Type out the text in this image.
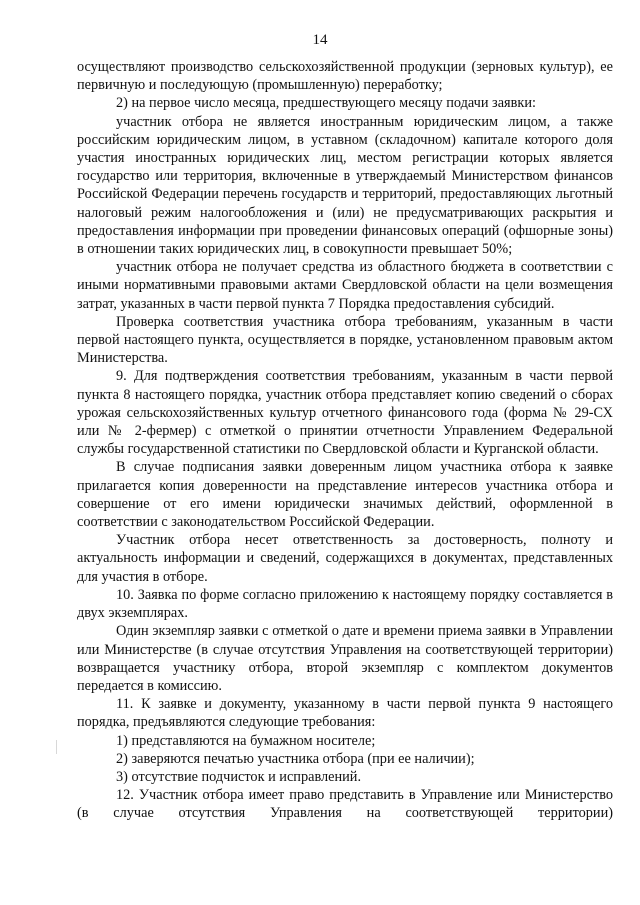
14

осуществляют производство сельскохозяйственной продукции (зерновых культур), ее первичную и последующую (промышленную) переработку;

2) на первое число месяца, предшествующего месяцу подачи заявки:

участник отбора не является иностранным юридическим лицом, а также российским юридическим лицом, в уставном (складочном) капитале которого доля участия иностранных юридических лиц, местом регистрации которых является государство или территория, включенные в утверждаемый Министерством финансов Российской Федерации перечень государств и территорий, предоставляющих льготный налоговый режим налогообложения и (или) не предусматривающих раскрытия и предоставления информации при проведении финансовых операций (офшорные зоны) в отношении таких юридических лиц, в совокупности превышает 50%;

участник отбора не получает средства из областного бюджета в соответствии с иными нормативными правовыми актами Свердловской области на цели возмещения затрат, указанных в части первой пункта 7 Порядка предоставления субсидий.

Проверка соответствия участника отбора требованиям, указанным в части первой настоящего пункта, осуществляется в порядке, установленном правовым актом Министерства.

9. Для подтверждения соответствия требованиям, указанным в части первой пункта 8 настоящего порядка, участник отбора представляет копию сведений о сборах урожая сельскохозяйственных культур отчетного финансового года (форма № 29-СХ или № 2-фермер) с отметкой о принятии отчетности Управлением Федеральной службы государственной статистики по Свердловской области и Курганской области.

В случае подписания заявки доверенным лицом участника отбора к заявке прилагается копия доверенности на представление интересов участника отбора и совершение от его имени юридически значимых действий, оформленной в соответствии с законодательством Российской Федерации.

Участник отбора несет ответственность за достоверность, полноту и актуальность информации и сведений, содержащихся в документах, представленных для участия в отборе.

10. Заявка по форме согласно приложению к настоящему порядку составляется в двух экземплярах.

Один экземпляр заявки с отметкой о дате и времени приема заявки в Управлении или Министерстве (в случае отсутствия Управления на соответствующей территории) возвращается участнику отбора, второй экземпляр с комплектом документов передается в комиссию.

11. К заявке и документу, указанному в части первой пункта 9 настоящего порядка, предъявляются следующие требования:

1) представляются на бумажном носителе;

2) заверяются печатью участника отбора (при ее наличии);

3) отсутствие подчисток и исправлений.

12. Участник отбора имеет право представить в Управление или Министерство (в случае отсутствия Управления на соответствующей территории)
